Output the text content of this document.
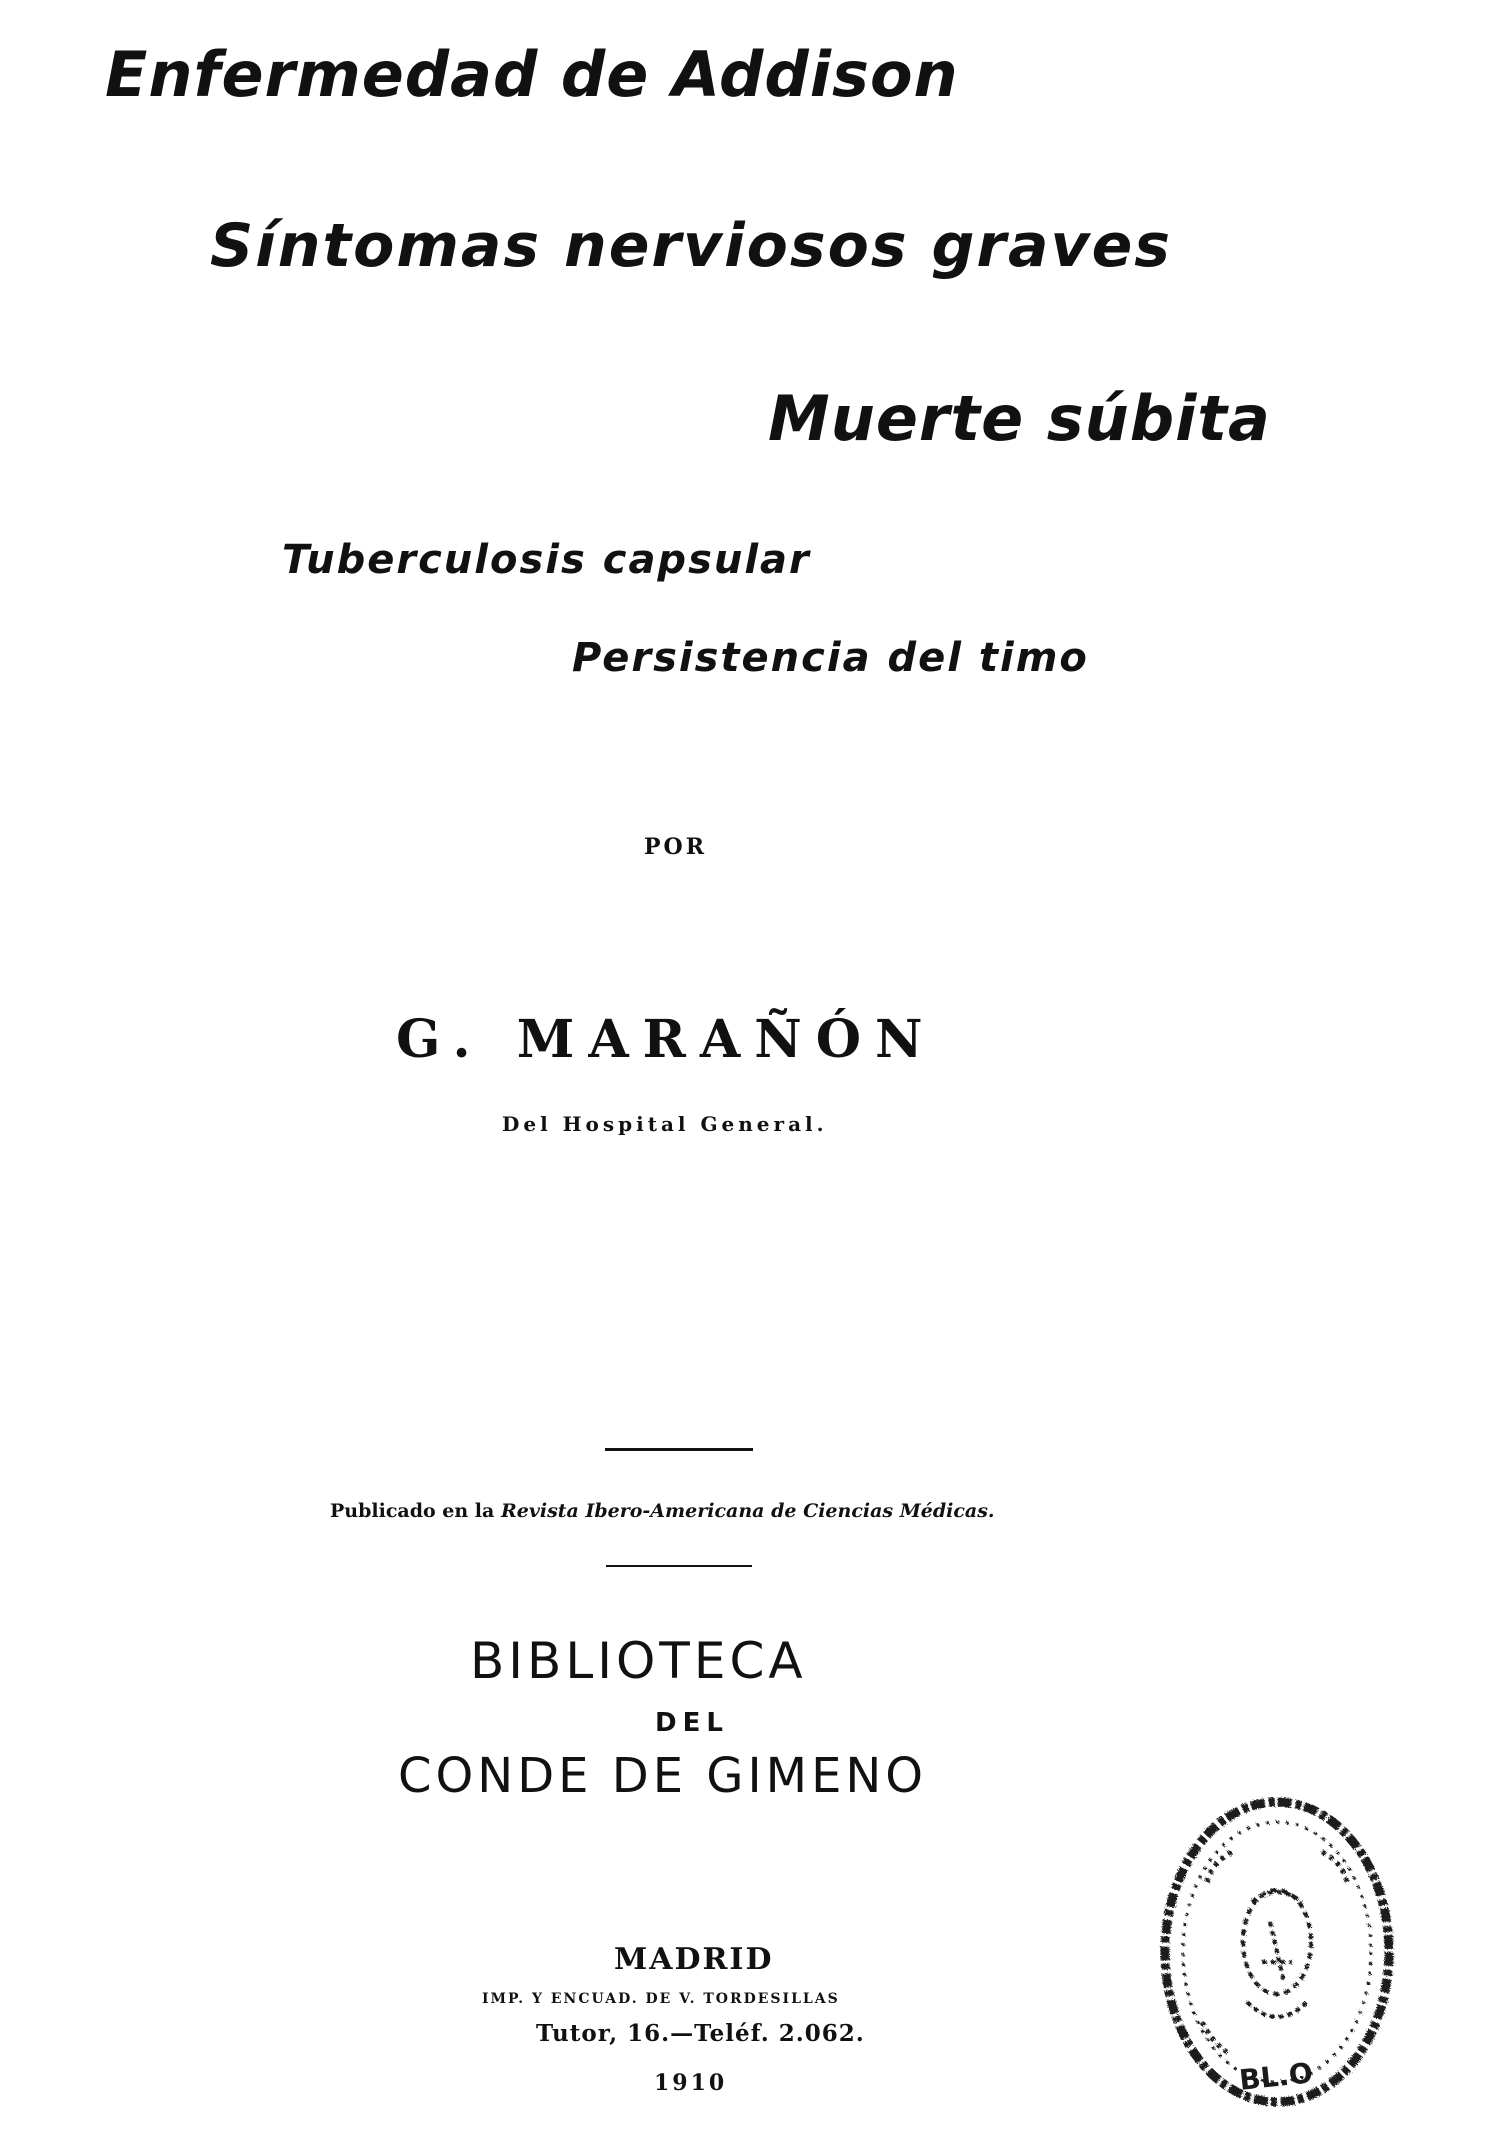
Enfermedad de Addison
Síntomas nerviosos graves
Muerte súbita
Tuberculosis capsular
Persistencia del timo

POR

G. MARAÑÓN

Del Hospital General.

Publicado en la Revista Ibero-Americana de Ciencias Médicas.

BIBLIOTECA

DEL

CONDE DE GIMENO

MADRID

IMP. Y ENCUAD. DE V. TORDESILLAS

Tutor, 16.—Teléf. 2.062.

1910	BL.O
